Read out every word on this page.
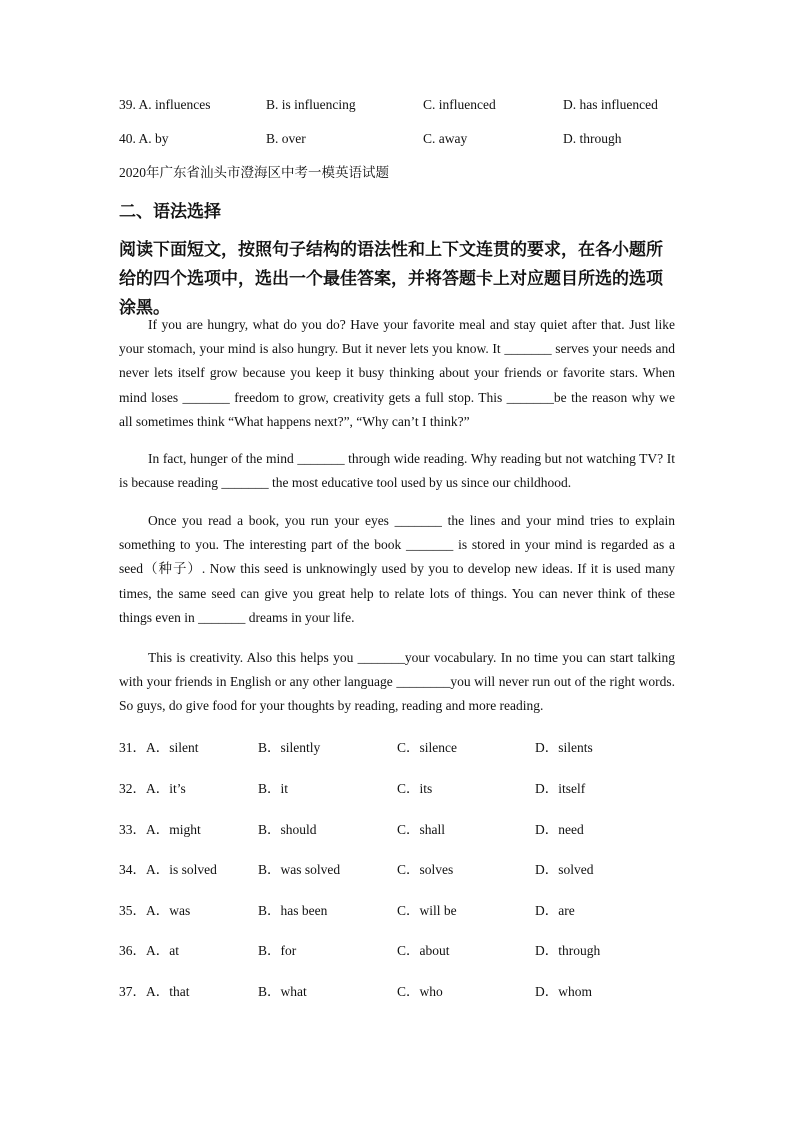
39. A. influences	B. is influencing	C. influenced	D. has influenced
40. A. by	B. over	C. away	D. through
2020年广东省汕头市澄海区中考一模英语试题
二、语法选择

阅读下面短文，按照句子结构的语法性和上下文连贯的要求，在各小题所给的四个选项中，选出一个最佳答案，并将答题卡上对应题目所选的选项涂黑。

If you are hungry, what do you do? Have your favorite meal and stay quiet after that. Just like your stomach, your mind is also hungry. But it never lets you know. It _______ serves your needs and never lets itself grow because you keep it busy thinking about your friends or favorite stars. When mind loses _______ freedom to grow, creativity gets a full stop. This _______be the reason why we all sometimes think “What happens next?”, “Why can’t I think?”

In fact, hunger of the mind _______ through wide reading. Why reading but not watching TV? It is because reading _______ the most educative tool used by us since our childhood.

Once you read a book, you run your eyes _______ the lines and your mind tries to explain something to you. The interesting part of the book _______ is stored in your mind is regarded as a seed（种子）. Now this seed is unknowingly used by you to develop new ideas. If it is used many times, the same seed can give you great help to relate lots of things. You can never think of these things even in _______ dreams in your life.

This is creativity. Also this helps you _______your vocabulary. In no time you can start talking with your friends in English or any other language ________you will never run out of the right words. So guys, do give food for your thoughts by reading, reading and more reading.

31．A．silent	B．silently	C．silence	D．silents
32．A．it’s	B．it	C．its	D．itself
33．A．might	B．should	C．shall	D．need
34．A．is solved	B．was solved	C．solves	D．solved
35．A．was	B．has been	C．will be	D．are
36．A．at	B．for	C．about	D．through
37．A．that	B．what	C．who	D．whom
